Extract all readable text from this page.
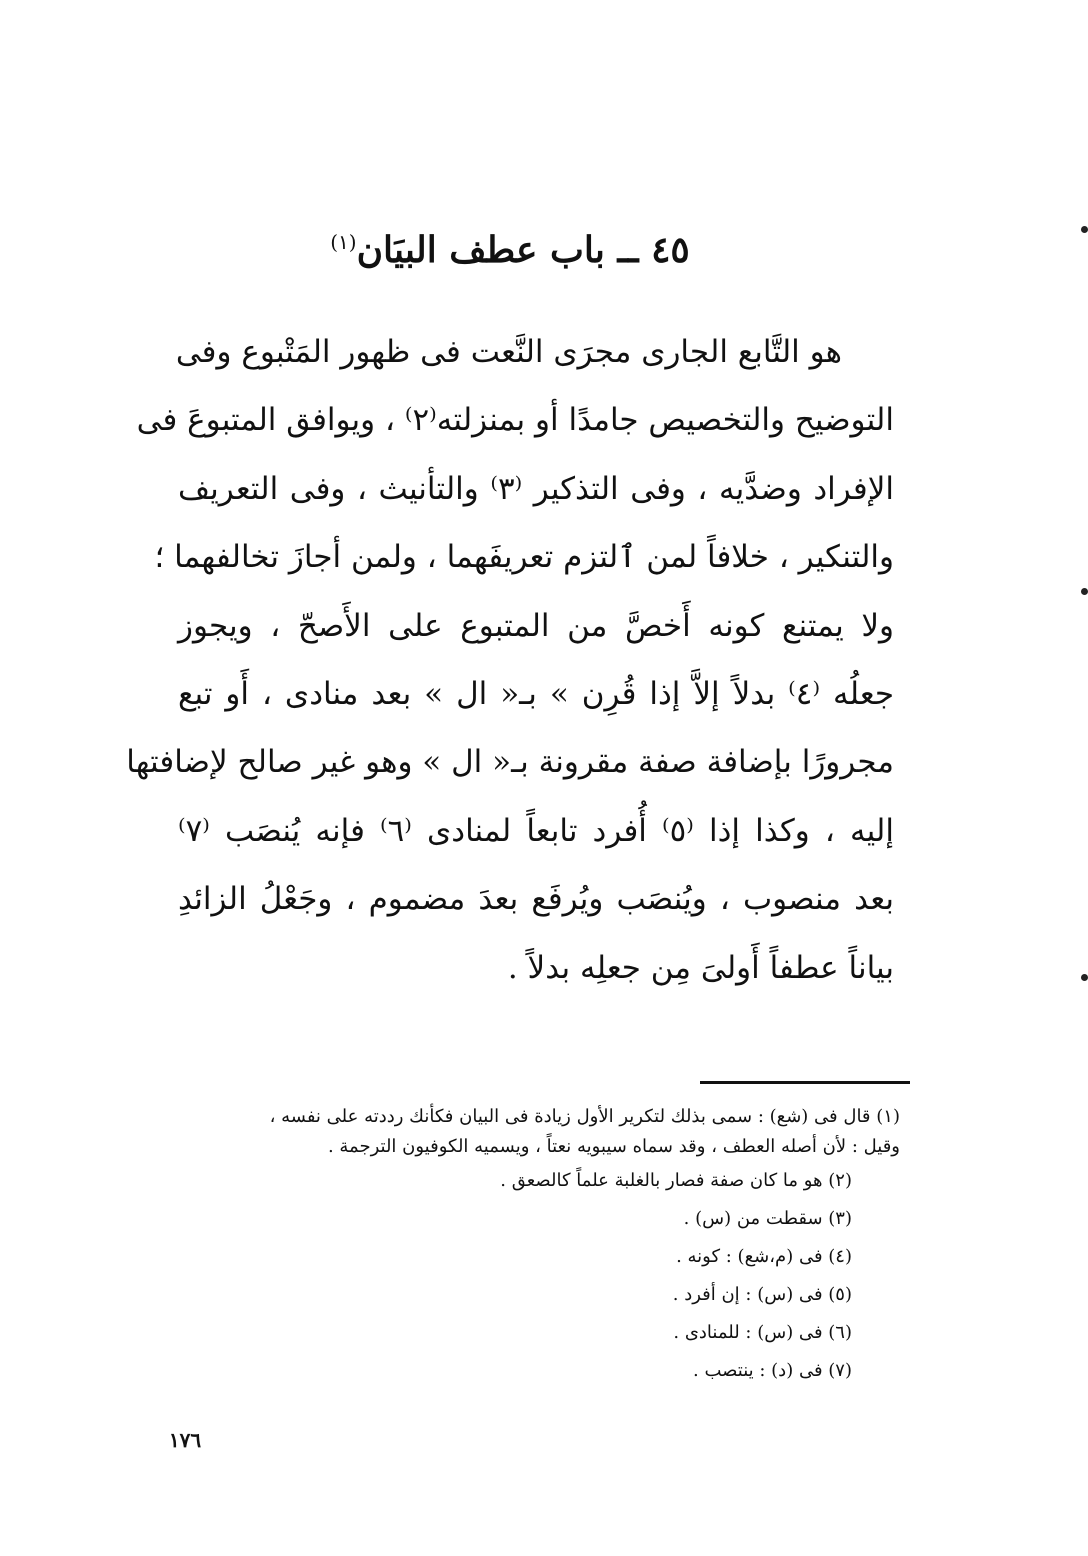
٤٥ ــ باب عطف البيَان$^{(١)}$
هو التَّابع الجارى مجرَى النَّعت فى ظهور المَتْبوع وفى
التوضيح والتخصيص جامدًا أو بمنزلته⁽٢⁾ ، ويوافق المتبوعَ فى
الإفراد وضدَّيه ، وفى التذكير ⁽٣⁾ والتأنيث ، وفى التعريف
والتنكير ، خلافاً لمن ٱلتزم تعريفَهما ، ولمن أجازَ تخالفهما ؛
ولا يمتنع كونه أَخصَّ من المتبوع على الأَصحّ ، ويجوز
جعلُه ⁽٤⁾ بدلاً إلاَّ إذا قُرِن » بـ« ال » بعد منادى ، أَو تبع
مجرورًا بإضافة صفة مقرونة بـ« ال » وهو غير صالح لإضافتها
إليه ، وكذا إذا ⁽٥⁾ أُفرد تابعاً لمنادى ⁽٦⁾ فإنه يُنصَب ⁽٧⁾
بعد منصوب ، ويُنصَب ويُرفَع بعدَ مضموم ، وجَعْلُ الزائدِ
بياناً عطفاً أَولىَ مِن جعلِه بدلاً .
(١) قال فى (شع) : سمى بذلك لتكرير الأول زيادة فى البيان فكأنك رددته على نفسه ،
وقيل : لأن أصله العطف ، وقد سماه سيبويه نعتاً ، ويسميه الكوفيون الترجمة .
(٢) هو ما كان صفة فصار بالغلبة علماً كالصعق .
(٣) سقطت من (س) .
(٤) فى (م،شع) : كونه .
(٥) فى (س) : إن أفرد .
(٦) فى (س) : للمنادى .
(٧) فى (د) : ينتصب .
١٧٦
